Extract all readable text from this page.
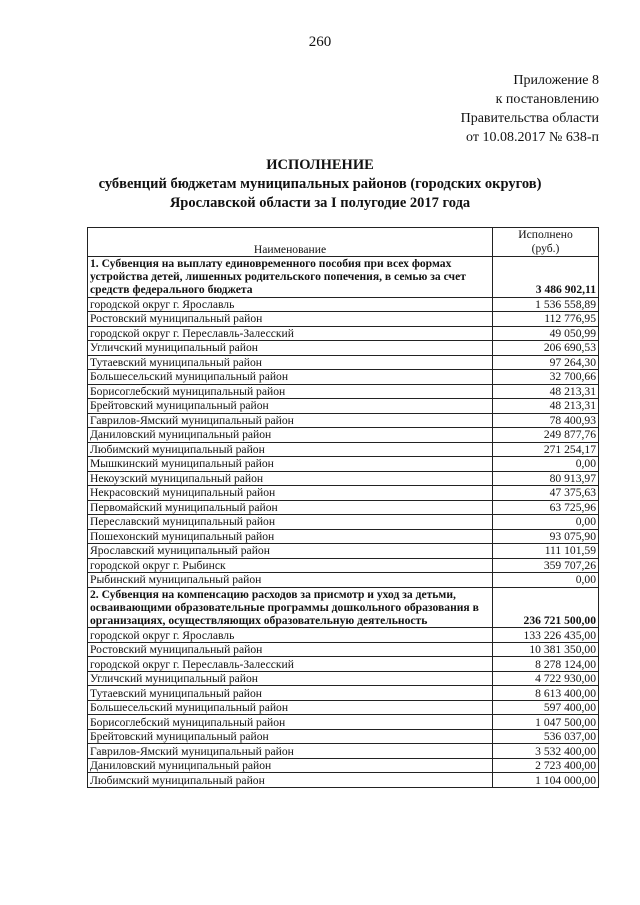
260
Приложение 8
к постановлению
Правительства области
от 10.08.2017 № 638-п
ИСПОЛНЕНИЕ
субвенций бюджетам муниципальных районов (городских округов)
Ярославской области за I полугодие 2017 года
Наименование	Исполнено
(руб.)

1. Субвенция на выплату единовременного пособия при всех формах устройства детей, лишенных родительского попечения, в семью за счет средств федерального бюджета	3 486 902,11
городской округ г. Ярославль	1 536 558,89
Ростовский муниципальный район	112 776,95
городской округ г. Переславль-Залесский	49 050,99
Угличский муниципальный район	206 690,53
Тутаевский муниципальный район	97 264,30
Большесельский муниципальный район	32 700,66
Борисоглебский муниципальный район	48 213,31
Брейтовский муниципальный район	48 213,31
Гаврилов-Ямский муниципальный район	78 400,93
Даниловский муниципальный район	249 877,76
Любимский муниципальный район	271 254,17
Мышкинский муниципальный район	0,00
Некоузский муниципальный район	80 913,97
Некрасовский муниципальный район	47 375,63
Первомайский муниципальный район	63 725,96
Переславский муниципальный район	0,00
Пошехонский муниципальный район	93 075,90
Ярославский муниципальный район	111 101,59
городской округ г. Рыбинск	359 707,26
Рыбинский муниципальный район	0,00
2. Субвенция на компенсацию расходов за присмотр и уход за детьми, осваивающими образовательные программы дошкольного образования в организациях, осуществляющих образовательную деятельность	236 721 500,00
городской округ г. Ярославль	133 226 435,00
Ростовский муниципальный район	10 381 350,00
городской округ г. Переславль-Залесский	8 278 124,00
Угличский муниципальный район	4 722 930,00
Тутаевский муниципальный район	8 613 400,00
Большесельский муниципальный район	597 400,00
Борисоглебский муниципальный район	1 047 500,00
Брейтовский муниципальный район	536 037,00
Гаврилов-Ямский муниципальный район	3 532 400,00
Даниловский муниципальный район	2 723 400,00
Любимский муниципальный район	1 104 000,00
